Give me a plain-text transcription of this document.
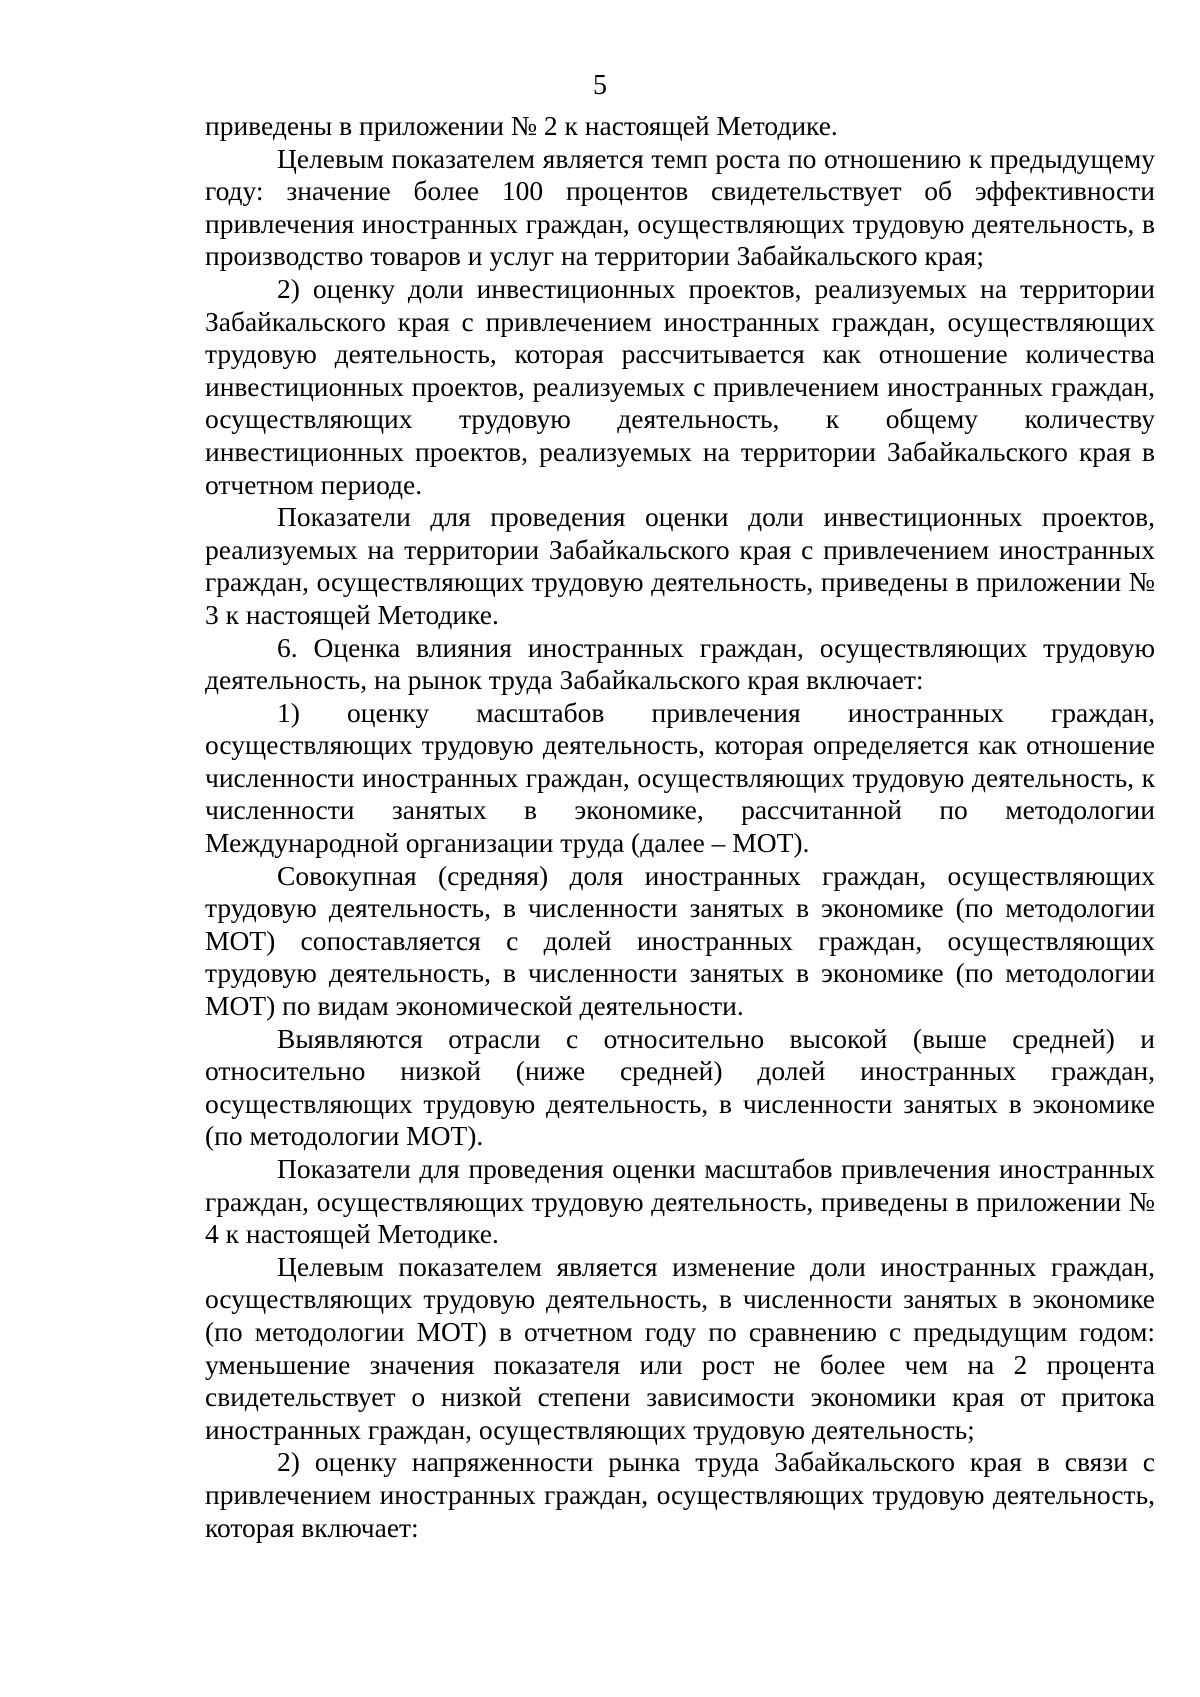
5

приведены в приложении № 2 к настоящей Методике.

Целевым показателем является темп роста по отношению к предыдущему году: значение более 100 процентов свидетельствует об эффективности привлечения иностранных граждан, осуществляющих трудовую деятельность, в производство товаров и услуг на территории Забайкальского края;

2) оценку доли инвестиционных проектов, реализуемых на территории Забайкальского края с привлечением иностранных граждан, осуществляющих трудовую деятельность, которая рассчитывается как отношение количества инвестиционных проектов, реализуемых с привлечением иностранных граждан, осуществляющих трудовую деятельность, к общему количеству инвестиционных проектов, реализуемых на территории Забайкальского края в отчетном периоде.

Показатели для проведения оценки доли инвестиционных проектов, реализуемых на территории Забайкальского края с привлечением иностранных граждан, осуществляющих трудовую деятельность, приведены в приложении № 3 к настоящей Методике.

6. Оценка влияния иностранных граждан, осуществляющих трудовую деятельность, на рынок труда Забайкальского края включает:

1) оценку масштабов привлечения иностранных граждан, осуществляющих трудовую деятельность, которая определяется как отношение численности иностранных граждан, осуществляющих трудовую деятельность, к численности занятых в экономике, рассчитанной по методологии Международной организации труда (далее – МОТ).

Совокупная (средняя) доля иностранных граждан, осуществляющих трудовую деятельность, в численности занятых в экономике (по методологии МОТ) сопоставляется с долей иностранных граждан, осуществляющих трудовую деятельность, в численности занятых в экономике (по методологии МОТ) по видам экономической деятельности.

Выявляются отрасли с относительно высокой (выше средней) и относительно низкой (ниже средней) долей иностранных граждан, осуществляющих трудовую деятельность, в численности занятых в экономике (по методологии МОТ).

Показатели для проведения оценки масштабов привлечения иностранных граждан, осуществляющих трудовую деятельность, приведены в приложении № 4 к настоящей Методике.

Целевым показателем является изменение доли иностранных граждан, осуществляющих трудовую деятельность, в численности занятых в экономике (по методологии МОТ) в отчетном году по сравнению с предыдущим годом: уменьшение значения показателя или рост не более чем на 2 процента свидетельствует о низкой степени зависимости экономики края от притока иностранных граждан, осуществляющих трудовую деятельность;

2) оценку напряженности рынка труда Забайкальского края в связи с привлечением иностранных граждан, осуществляющих трудовую деятельность, которая включает:
